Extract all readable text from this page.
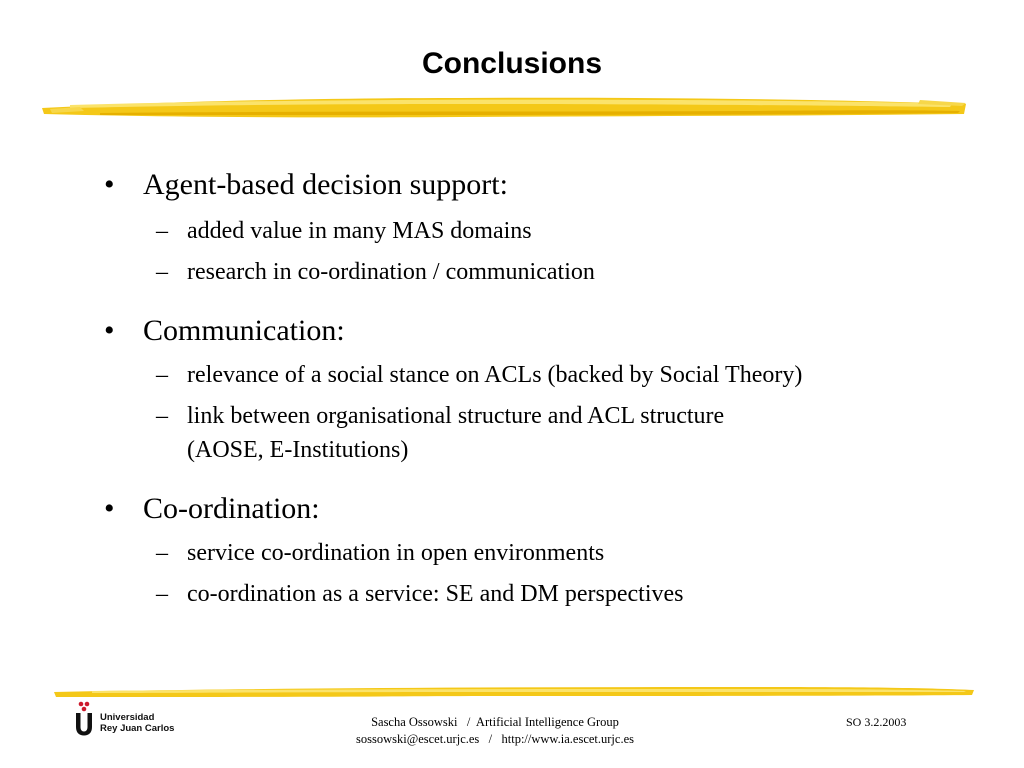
Conclusions
• Agent-based decision support:
– added value in many MAS domains
– research in co-ordination / communication
• Communication:
– relevance of a social stance on ACLs (backed by Social Theory)
– link between organisational structure and ACL structure
(AOSE, E-Institutions)
• Co-ordination:
– service co-ordination in open environments
– co-ordination as a service: SE and DM perspectives
Universidad
Rey Juan Carlos	Sascha Ossowski   /  Artificial Intelligence Group
sossowski@escet.urjc.es   /   http://www.ia.escet.urjc.es
SO 3.2.2003
